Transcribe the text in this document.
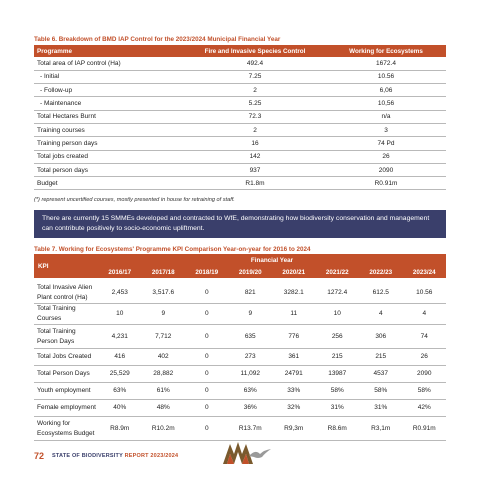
Table 6. Breakdown of BMD IAP Control for the 2023/2024 Municipal Financial Year
Programme	Fire and Invasive Species Control	Working for Ecosystems
Total area of IAP control (Ha)	492.4	1672.4
- Initial	7.25	10.56
- Follow-up	2	6,06
- Maintenance	5.25	10,56
Total Hectares Burnt	72.3	n/a
Training courses	2	3
Training person days	16	74 Pd
Total jobs created	142	26
Total person days	937	2090
Budget	R1.8m	R0.91m
(*) represent uncertified courses, mostly presented in house for retraining of staff.
There are currently 15 SMMEs developed and contracted to WfE, demonstrating how biodiversity conservation and management can contribute positively to socio-economic upliftment.
Table 7. Working for Ecosystems' Programme KPI Comparison Year-on-year for 2016 to 2024
KPI	Financial Year							
	2016/17	2017/18	2018/19	2019/20	2020/21	2021/22	2022/23	2023/24
Total Invasive Alien Plant control (Ha)	2,453	3,517.6	0	821	3282.1	1272.4	612.5	10.56
Total Training Courses	10	9	0	9	11	10	4	4
Total Training Person Days	4,231	7,712	0	635	776	256	306	74
Total Jobs Created	416	402	0	273	361	215	215	26
Total Person Days	25,529	28,882	0	11,092	24791	13987	4537	2090
Youth employment	63%	61%	0	63%	33%	58%	58%	58%
Female employment	40%	48%	0	36%	32%	31%	31%	42%
Working for Ecosystems Budget	R8.9m	R10.2m	0	R13.7m	R9,3m	R8.6m	R3,1m	R0.91m
72 STATE OF BIODIVERSITY REPORT 2023/2024
